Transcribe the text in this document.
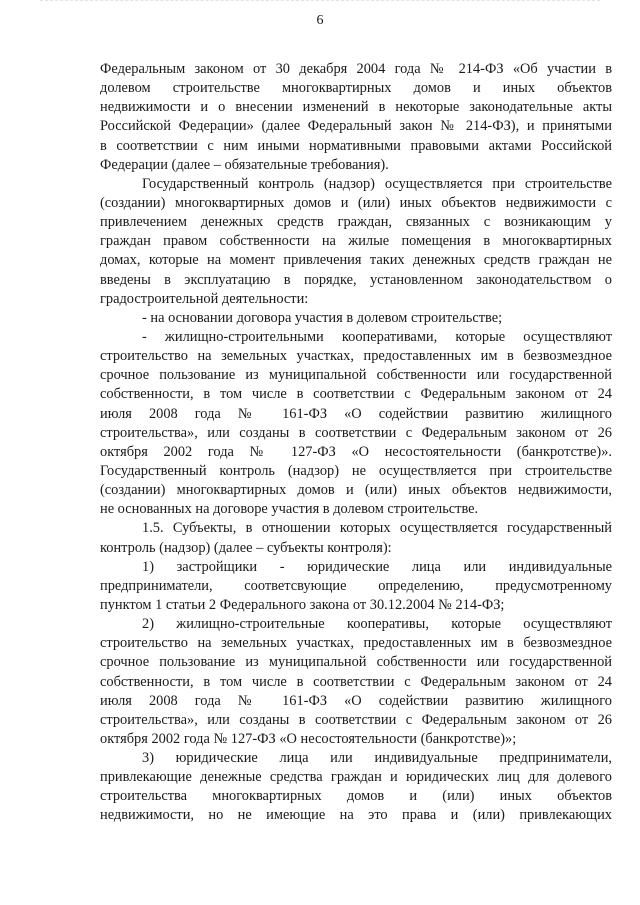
6
Федеральным законом от 30 декабря 2004 года № 214-ФЗ «Об участии в
долевом строительстве многоквартирных домов и иных объектов
недвижимости и о внесении изменений в некоторые законодательные акты
Российской Федерации» (далее Федеральный закон № 214-ФЗ), и принятыми
в соответствии с ним иными нормативными правовыми актами Российской
Федерации (далее – обязательные требования).
Государственный контроль (надзор) осуществляется при строительстве
(создании) многоквартирных домов и (или) иных объектов недвижимости с
привлечением денежных средств граждан, связанных с возникающим у
граждан правом собственности на жилые помещения в многоквартирных
домах, которые на момент привлечения таких денежных средств граждан не
введены в эксплуатацию в порядке, установленном законодательством о
градостроительной деятельности:
- на основании договора участия в долевом строительстве;
- жилищно-строительными кооперативами, которые осуществляют
строительство на земельных участках, предоставленных им в безвозмездное
срочное пользование из муниципальной собственности или государственной
собственности, в том числе в соответствии с Федеральным законом от 24
июля 2008 года № 161-ФЗ «О содействии развитию жилищного
строительства», или созданы в соответствии с Федеральным законом от 26
октября 2002 года № 127-ФЗ «О несостоятельности (банкротстве)».
Государственный контроль (надзор) не осуществляется при строительстве
(создании) многоквартирных домов и (или) иных объектов недвижимости,
не основанных на договоре участия в долевом строительстве.
1.5. Субъекты, в отношении которых осуществляется государственный
контроль (надзор) (далее – субъекты контроля):
1) застройщики - юридические лица или индивидуальные
предприниматели, соответсвующие определению, предусмотренному
пунктом 1 статьи 2 Федерального закона от 30.12.2004 № 214-ФЗ;
2) жилищно-строительные кооперативы, которые осуществляют
строительство на земельных участках, предоставленных им в безвозмездное
срочное пользование из муниципальной собственности или государственной
собственности, в том числе в соответствии с Федеральным законом от 24
июля 2008 года № 161-ФЗ «О содействии развитию жилищного
строительства», или созданы в соответствии с Федеральным законом от 26
октября 2002 года № 127-ФЗ «О несостоятельности (банкротстве)»;
3) юридические лица или индивидуальные предприниматели,
привлекающие денежные средства граждан и юридических лиц для долевого
строительства многоквартирных домов и (или) иных объектов
недвижимости, но не имеющие на это права и (или) привлекающих
